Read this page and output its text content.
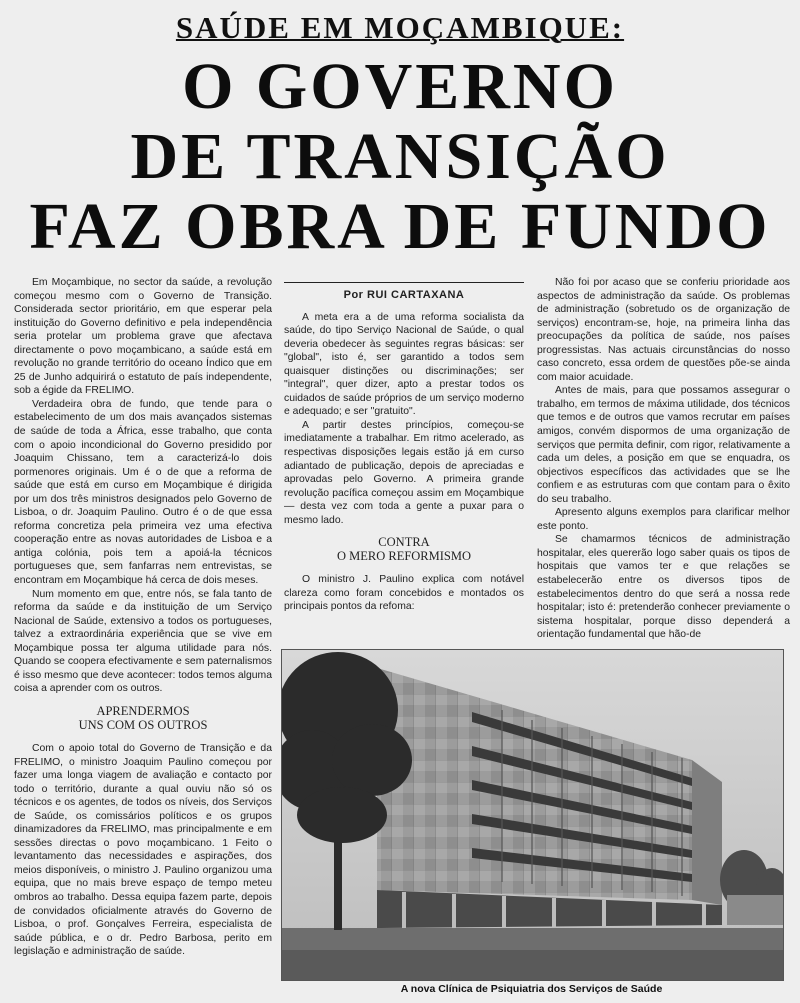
SAÚDE EM MOÇAMBIQUE:
O GOVERNO
DE TRANSIÇÃO
FAZ OBRA DE FUNDO

Em Moçambique, no sector da saúde, a revolução começou mesmo com o Governo de Transição. Considerada sector prioritário, em que esperar pela instituição do Governo definitivo e pela independência seria protelar um problema grave que afectava directamente o povo moçambicano, a saúde está em revolução no grande território do oceano Índico que em 25 de Junho adquirirá o estatuto de país independente, sob a égide da FRELIMO.

Verdadeira obra de fundo, que tende para o estabelecimento de um dos mais avançados sistemas de saúde de toda a África, esse trabalho, que conta com o apoio incondicional do Governo presidido por Joaquim Chissano, tem a caracterizá-lo dois pormenores originais. Um é o de que a reforma de saúde que está em curso em Moçambique é dirigida por um dos três ministros designados pelo Governo de Lisboa, o dr. Joaquim Paulino. Outro é o de que essa reforma concretiza pela primeira vez uma efectiva cooperação entre as novas autoridades de Lisboa e a antiga colónia, pois tem a apoiá-la técnicos portugueses que, sem fanfarras nem entrevistas, se encontram em Moçambique há cerca de dois meses.

Num momento em que, entre nós, se fala tanto de reforma da saúde e da instituição de um Serviço Nacional de Saúde, extensivo a todos os portugueses, talvez a extraordinária experiência que se vive em Moçambique possa ter alguma utilidade para nós. Quando se coopera efectivamente e sem paternalismos é isso mesmo que deve acontecer: todos temos alguma coisa a aprender com os outros.

APRENDERMOS
UNS COM OS OUTROS

Com o apoio total do Governo de Transição e da FRELIMO, o ministro Joaquim Paulino começou por fazer uma longa viagem de avaliação e contacto por todo o território, durante a qual ouviu não só os técnicos e os agentes, de todos os níveis, dos Serviços de Saúde, os comissários políticos e os grupos dinamizadores da FRELIMO, mas principalmente e em sessões directas o povo moçambicano. 1 Feito o levantamento das necessidades e aspirações, dos meios disponíveis, o ministro J. Paulino organizou uma equipa, que no mais breve espaço de tempo meteu ombros ao trabalho. Dessa equipa fazem parte, depois de convidados oficialmente através do Governo de Lisboa, o prof. Gonçalves Ferreira, especialista de saúde pública, e o dr. Pedro Barbosa, perito em legislação e administração de saúde.

Por RUI CARTAXANA

A meta era a de uma reforma socialista da saúde, do tipo Serviço Nacional de Saúde, o qual deveria obedecer às seguintes regras básicas: ser "global", isto é, ser garantido a todos sem quaisquer distinções ou discriminações; ser "integral", quer dizer, apto a prestar todos os cuidados de saúde próprios de um serviço moderno e adequado; e ser "gratuito".

A partir destes princípios, começou-se imediatamente a trabalhar. Em ritmo acelerado, as respectivas disposições legais estão já em curso adiantado de publicação, depois de apreciadas e aprovadas pelo Governo. A primeira grande revolução pacífica começou assim em Moçambique — desta vez com toda a gente a puxar para o mesmo lado.

CONTRA
O MERO REFORMISMO

O ministro J. Paulino explica com notável clareza como foram concebidos e montados os principais pontos da refoma:

Não foi por acaso que se conferiu prioridade aos aspectos de administração da saúde. Os problemas de administração (sobretudo os de organização de serviços) encontram-se, hoje, na primeira linha das preocupações da política de saúde, nos países progressistas. Nas actuais circunstâncias do nosso caso concreto, essa ordem de questões põe-se ainda com maior acuidade.

Antes de mais, para que possamos assegurar o trabalho, em termos de máxima utilidade, dos técnicos que temos e de outros que vamos recrutar em países amigos, convém dispormos de uma organização de serviços que permita definir, com rigor, relativamente a cada um deles, a posição em que se enquadra, os objectivos específicos das actividades que se lhe confiem e as estruturas com que contam para o êxito do seu trabalho.

Apresento alguns exemplos para clarificar melhor este ponto.

Se chamarmos técnicos de administração hospitalar, eles quererão logo saber quais os tipos de hospitais que vamos ter e que relações se estabelecerão entre os diversos tipos de estabelecimentos dentro do que será a nossa rede hospitalar; isto é: pretenderão conhecer previamente o sistema hospitalar, porque disso dependerá a orientação fundamental que hão-de

A nova Clínica de Psiquiatria dos Serviços de Saúde
